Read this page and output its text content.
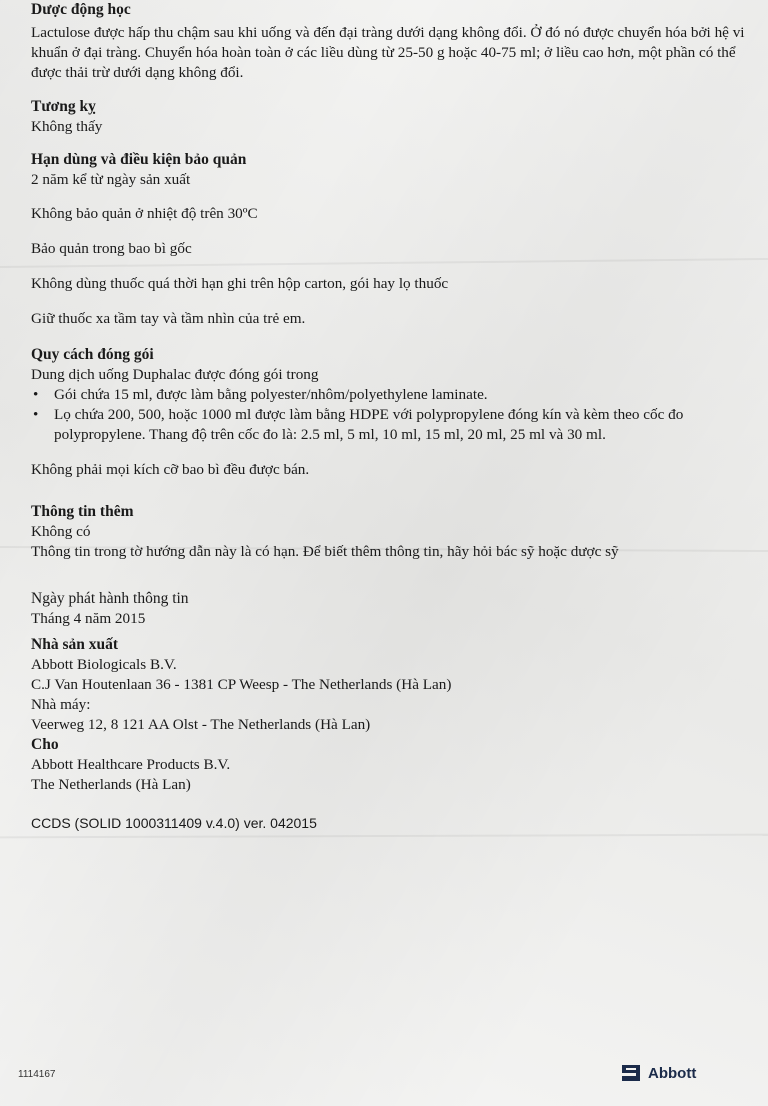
Dược động học

Lactulose được hấp thu chậm sau khi uống và đến đại tràng dưới dạng không đổi. Ở đó nó được chuyển hóa bởi hệ vi khuẩn ở đại tràng. Chuyển hóa hoàn toàn ở các liều dùng từ 25-50 g hoặc 40-75 ml; ở liều cao hơn, một phần có thể được thải trừ dưới dạng không đổi.

Tương kỵ

Không thấy

Hạn dùng và điều kiện bảo quản

2 năm kể từ ngày sản xuất

Không bảo quản ở nhiệt độ trên 30ºC

Bảo quản trong bao bì gốc

Không dùng thuốc quá thời hạn ghi trên hộp carton, gói hay lọ thuốc

Giữ thuốc xa tầm tay và tầm nhìn của trẻ em.

Quy cách đóng gói

Dung dịch uống Duphalac được đóng gói trong

• Gói chứa 15 ml, được làm bằng polyester/nhôm/polyethylene laminate.
• Lọ chứa 200, 500, hoặc 1000 ml được làm bằng HDPE với polypropylene đóng kín và kèm theo cốc đo polypropylene. Thang độ trên cốc đo là: 2.5 ml, 5 ml, 10 ml, 15 ml, 20 ml, 25 ml và 30 ml.

Không phải mọi kích cỡ bao bì đều được bán.

Thông tin thêm

Không có

Thông tin trong tờ hướng dẫn này là có hạn. Để biết thêm thông tin, hãy hỏi bác sỹ hoặc dược sỹ

Ngày phát hành thông tin

Tháng 4 năm 2015

Nhà sản xuất

Abbott Biologicals B.V.

C.J Van Houtenlaan 36 - 1381 CP Weesp - The Netherlands (Hà Lan)

Nhà máy:

Veerweg 12, 8 121 AA Olst - The Netherlands (Hà Lan)

Cho

Abbott Healthcare Products B.V.

The Netherlands (Hà Lan)

CCDS (SOLID 1000311409 v.4.0) ver. 042015

1114167	Abbott
